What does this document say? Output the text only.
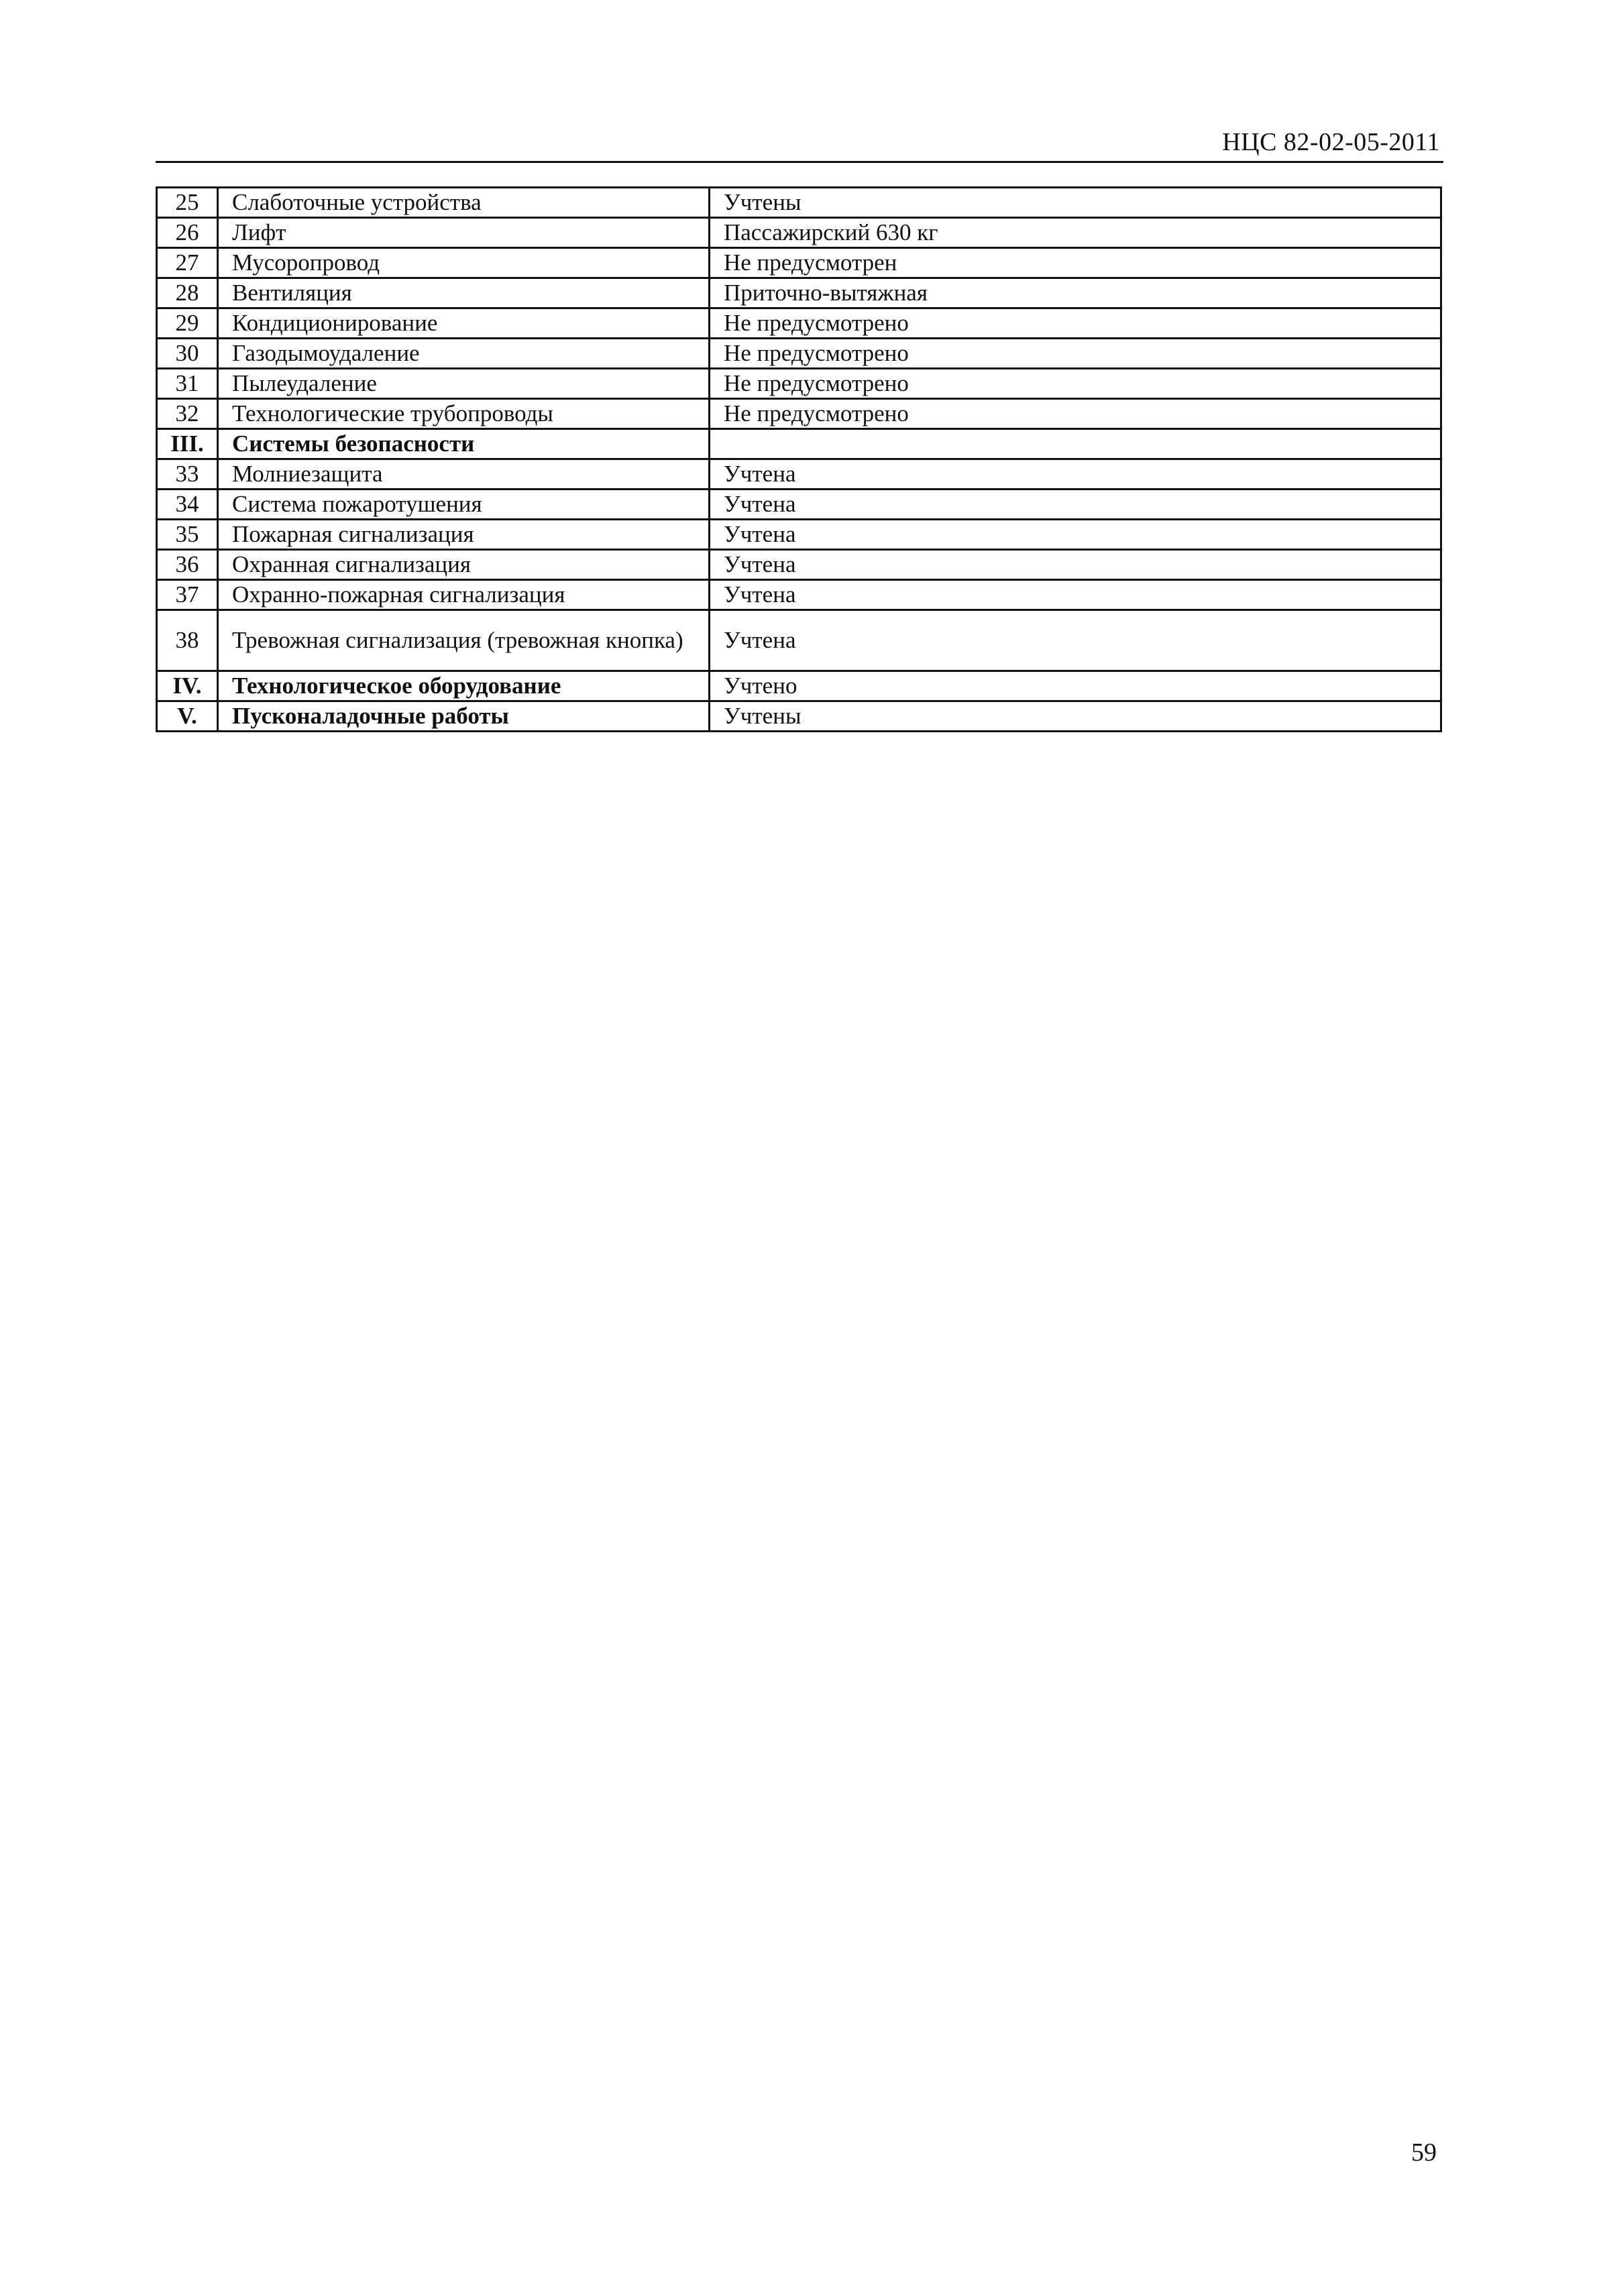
НЦС 82-02-05-2011
25	Слаботочные устройства	Учтены
26	Лифт	Пассажирский 630 кг
27	Мусоропровод	Не предусмотрен
28	Вентиляция	Приточно-вытяжная
29	Кондиционирование	Не предусмотрено
30	Газодымоудаление	Не предусмотрено
31	Пылеудаление	Не предусмотрено
32	Технологические трубопроводы	Не предусмотрено
III.	Системы безопасности	
33	Молниезащита	Учтена
34	Система пожаротушения	Учтена
35	Пожарная сигнализация	Учтена
36	Охранная сигнализация	Учтена
37	Охранно-пожарная сигнализация	Учтена
38	Тревожная сигнализация (тревожная кнопка)	Учтена
IV.	Технологическое оборудование	Учтено
V.	Пусконаладочные работы	Учтены
59
